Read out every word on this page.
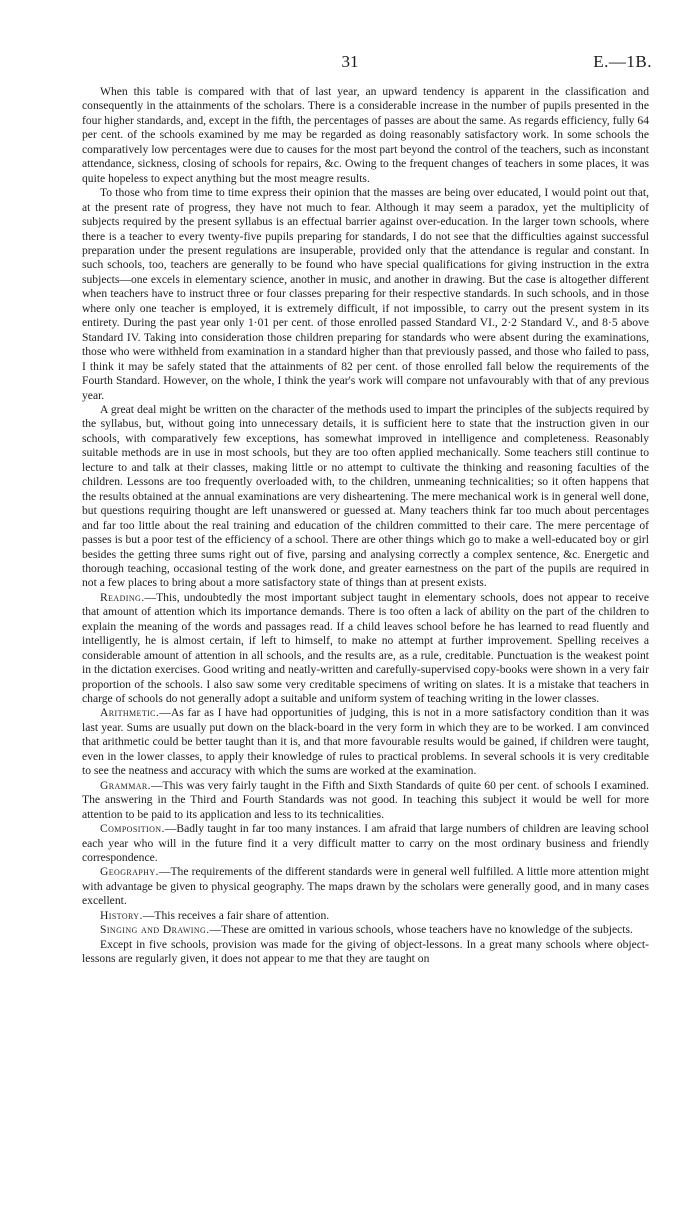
31	E.—1B.

When this table is compared with that of last year, an upward tendency is apparent in the classification and consequently in the attainments of the scholars. There is a considerable increase in the number of pupils presented in the four higher standards, and, except in the fifth, the percentages of passes are about the same. As regards efficiency, fully 64 per cent. of the schools examined by me may be regarded as doing reasonably satisfactory work. In some schools the comparatively low percentages were due to causes for the most part beyond the control of the teachers, such as inconstant attendance, sickness, closing of schools for repairs, &c. Owing to the frequent changes of teachers in some places, it was quite hopeless to expect anything but the most meagre results.

To those who from time to time express their opinion that the masses are being over educated, I would point out that, at the present rate of progress, they have not much to fear. Although it may seem a paradox, yet the multiplicity of subjects required by the present syllabus is an effectual barrier against over-education. In the larger town schools, where there is a teacher to every twenty-five pupils preparing for standards, I do not see that the difficulties against successful preparation under the present regulations are insuperable, provided only that the attendance is regular and constant. In such schools, too, teachers are generally to be found who have special qualifications for giving instruction in the extra subjects—one excels in elementary science, another in music, and another in drawing. But the case is altogether different when teachers have to instruct three or four classes preparing for their respective standards. In such schools, and in those where only one teacher is employed, it is extremely difficult, if not impossible, to carry out the present system in its entirety. During the past year only 1·01 per cent. of those enrolled passed Standard VI., 2·2 Standard V., and 8·5 above Standard IV. Taking into consideration those children preparing for standards who were absent during the examinations, those who were withheld from examination in a standard higher than that previously passed, and those who failed to pass, I think it may be safely stated that the attainments of 82 per cent. of those enrolled fall below the requirements of the Fourth Standard. However, on the whole, I think the year's work will compare not unfavourably with that of any previous year.

A great deal might be written on the character of the methods used to impart the principles of the subjects required by the syllabus, but, without going into unnecessary details, it is sufficient here to state that the instruction given in our schools, with comparatively few exceptions, has somewhat improved in intelligence and completeness. Reasonably suitable methods are in use in most schools, but they are too often applied mechanically. Some teachers still continue to lecture to and talk at their classes, making little or no attempt to cultivate the thinking and reasoning faculties of the children. Lessons are too frequently overloaded with, to the children, unmeaning technicalities; so it often happens that the results obtained at the annual examinations are very disheartening. The mere mechanical work is in general well done, but questions requiring thought are left unanswered or guessed at. Many teachers think far too much about percentages and far too little about the real training and education of the children committed to their care. The mere percentage of passes is but a poor test of the efficiency of a school. There are other things which go to make a well-educated boy or girl besides the getting three sums right out of five, parsing and analysing correctly a complex sentence, &c. Energetic and thorough teaching, occasional testing of the work done, and greater earnestness on the part of the pupils are required in not a few places to bring about a more satisfactory state of things than at present exists.

Reading.—This, undoubtedly the most important subject taught in elementary schools, does not appear to receive that amount of attention which its importance demands. There is too often a lack of ability on the part of the children to explain the meaning of the words and passages read. If a child leaves school before he has learned to read fluently and intelligently, he is almost certain, if left to himself, to make no attempt at further improvement. Spelling receives a considerable amount of attention in all schools, and the results are, as a rule, creditable. Punctuation is the weakest point in the dictation exercises. Good writing and neatly-written and carefully-supervised copy-books were shown in a very fair proportion of the schools. I also saw some very creditable specimens of writing on slates. It is a mistake that teachers in charge of schools do not generally adopt a suitable and uniform system of teaching writing in the lower classes.

Arithmetic.—As far as I have had opportunities of judging, this is not in a more satisfactory condition than it was last year. Sums are usually put down on the black-board in the very form in which they are to be worked. I am convinced that arithmetic could be better taught than it is, and that more favourable results would be gained, if children were taught, even in the lower classes, to apply their knowledge of rules to practical problems. In several schools it is very creditable to see the neatness and accuracy with which the sums are worked at the examination.

Grammar.—This was very fairly taught in the Fifth and Sixth Standards of quite 60 per cent. of schools I examined. The answering in the Third and Fourth Standards was not good. In teaching this subject it would be well for more attention to be paid to its application and less to its technicalities.

Composition.—Badly taught in far too many instances. I am afraid that large numbers of children are leaving school each year who will in the future find it a very difficult matter to carry on the most ordinary business and friendly correspondence.

Geography.—The requirements of the different standards were in general well fulfilled. A little more attention might with advantage be given to physical geography. The maps drawn by the scholars were generally good, and in many cases excellent.

History.—This receives a fair share of attention.

Singing and Drawing.—These are omitted in various schools, whose teachers have no knowledge of the subjects.

Except in five schools, provision was made for the giving of object-lessons. In a great many schools where object-lessons are regularly given, it does not appear to me that they are taught on
